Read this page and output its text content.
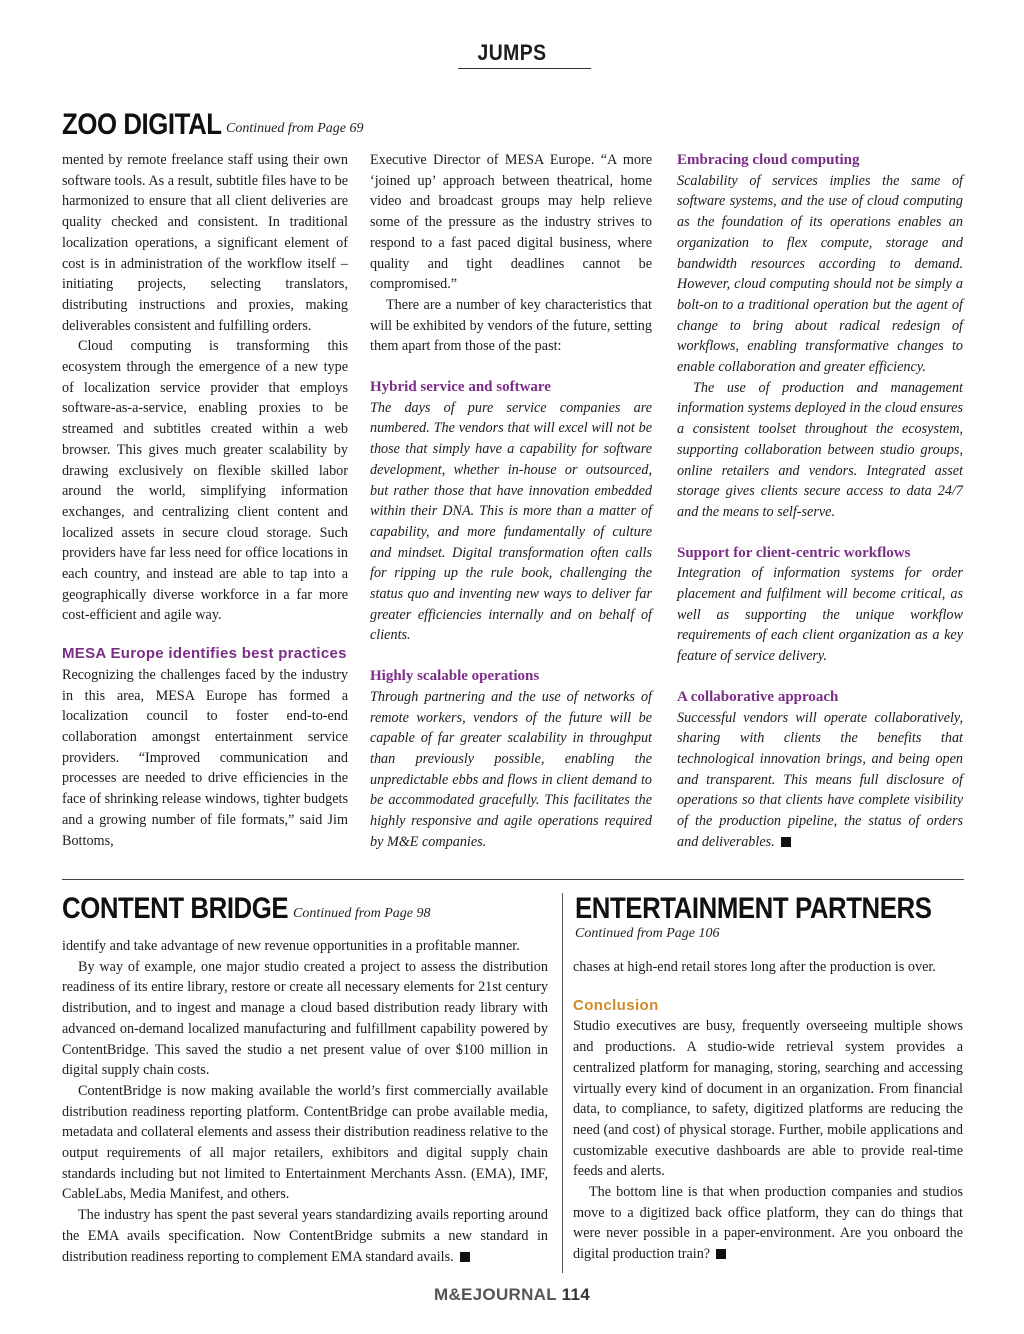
JUMPS
ZOO DIGITAL Continued from Page 69

mented by remote freelance staff using their own software tools. As a result, subtitle files have to be harmonized to ensure that all client deliveries are quality checked and consistent. In traditional localization operations, a significant element of cost is in administration of the workflow itself – initiating projects, selecting translators, distributing instructions and proxies, making deliverables consistent and fulfilling orders.

Cloud computing is transforming this ecosystem through the emergence of a new type of localization service provider that employs software-as-a-service, enabling proxies to be streamed and subtitles created within a web browser. This gives much greater scalability by drawing exclusively on flexible skilled labor around the world, simplifying information exchanges, and centralizing client content and localized assets in secure cloud storage. Such providers have far less need for office locations in each country, and instead are able to tap into a geographically diverse workforce in a far more cost-efficient and agile way.

MESA Europe identifies best practices

Recognizing the challenges faced by the industry in this area, MESA Europe has formed a localization council to foster end-to-end collaboration amongst entertainment service providers. “Improved communication and processes are needed to drive efficiencies in the face of shrinking release windows, tighter budgets and a growing number of file formats,” said Jim Bottoms,

Executive Director of MESA Europe. “A more ‘joined up’ approach between theatrical, home video and broadcast groups may help relieve some of the pressure as the industry strives to respond to a fast paced digital business, where quality and tight deadlines cannot be compromised.”

There are a number of key characteristics that will be exhibited by vendors of the future, setting them apart from those of the past:

Hybrid service and software

The days of pure service companies are numbered. The vendors that will excel will not be those that simply have a capability for software development, whether in-house or outsourced, but rather those that have innovation embedded within their DNA. This is more than a matter of capability, and more fundamentally of culture and mindset. Digital transformation often calls for ripping up the rule book, challenging the status quo and inventing new ways to deliver far greater efficiencies internally and on behalf of clients.

Highly scalable operations

Through partnering and the use of networks of remote workers, vendors of the future will be capable of far greater scalability in throughput than previously possible, enabling the unpredictable ebbs and flows in client demand to be accommodated gracefully. This facilitates the highly responsive and agile operations required by M&E companies.

Embracing cloud computing

Scalability of services implies the same of software systems, and the use of cloud computing as the foundation of its operations enables an organization to flex compute, storage and bandwidth resources according to demand. However, cloud computing should not be simply a bolt-on to a traditional operation but the agent of change to bring about radical redesign of workflows, enabling transformative changes to enable collaboration and greater efficiency.

The use of production and management information systems deployed in the cloud ensures a consistent toolset throughout the ecosystem, supporting collaboration between studio groups, online retailers and vendors. Integrated asset storage gives clients secure access to data 24/7 and the means to self-serve.

Support for client-centric workflows

Integration of information systems for order placement and fulfilment will become critical, as well as supporting the unique workflow requirements of each client organization as a key feature of service delivery.

A collaborative approach

Successful vendors will operate collaboratively, sharing with clients the benefits that technological innovation brings, and being open and transparent. This means full disclosure of operations so that clients have complete visibility of the production pipeline, the status of orders and deliverables.

CONTENT BRIDGE Continued from Page 98

identify and take advantage of new revenue opportunities in a profitable manner.

By way of example, one major studio created a project to assess the distribution readiness of its entire library, restore or create all necessary elements for 21st century distribution, and to ingest and manage a cloud based distribution ready library with advanced on-demand localized manufacturing and fulfillment capability powered by ContentBridge. This saved the studio a net present value of over $100 million in digital supply chain costs.

ContentBridge is now making available the world’s first commercially available distribution readiness reporting platform. ContentBridge can probe available media, metadata and collateral elements and assess their distribution readiness relative to the output requirements of all major retailers, exhibitors and digital supply chain standards including but not limited to Entertainment Merchants Assn. (EMA), IMF, CableLabs, Media Manifest, and others.

The industry has spent the past several years standardizing avails reporting around the EMA avails specification. Now ContentBridge submits a new standard in distribution readiness reporting to complement EMA standard avails.

ENTERTAINMENT PARTNERS
Continued from Page 106

chases at high-end retail stores long after the production is over.

Conclusion

Studio executives are busy, frequently overseeing multiple shows and productions. A studio-wide retrieval system provides a centralized platform for managing, storing, searching and accessing virtually every kind of document in an organization. From financial data, to compliance, to safety, digitized platforms are reducing the need (and cost) of physical storage. Further, mobile applications and customizable executive dashboards are able to provide real-time feeds and alerts.

The bottom line is that when production companies and studios move to a digitized back office platform, they can do things that were never possible in a paper-environment. Are you onboard the digital production train?

M&EJOURNAL 114
